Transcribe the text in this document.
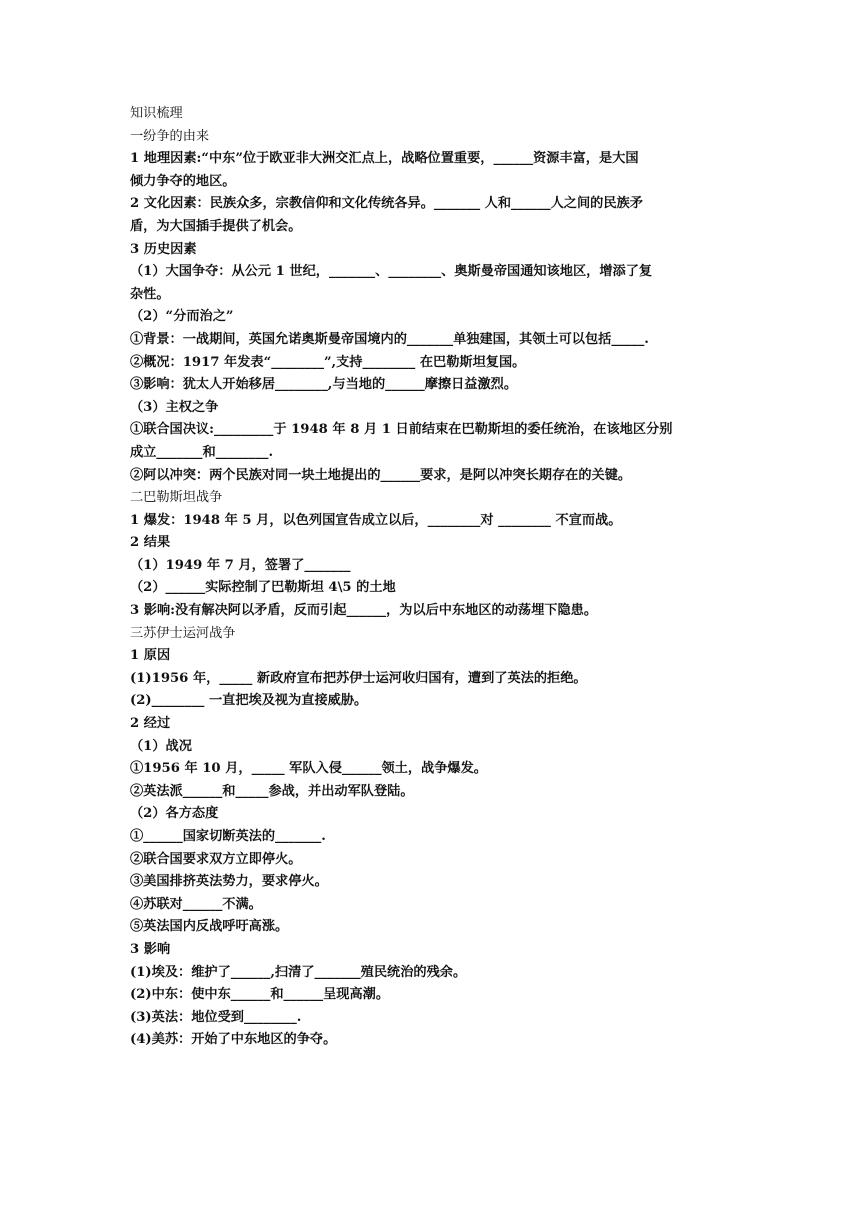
知识梳理
一纷争的由来
1 地理因素:“中东”位于欧亚非大洲交汇点上，战略位置重要，______资源丰富，是大国
倾力争夺的地区。
2 文化因素：民族众多，宗教信仰和文化传统各异。_______ 人和______人之间的民族矛
盾，为大国插手提供了机会。
3 历史因素
（1）大国争夺：从公元 1 世纪，_______、________、奥斯曼帝国通知该地区，增添了复
杂性。
（2）“分而治之”
①背景：一战期间，英国允诺奥斯曼帝国境内的_______单独建国，其领土可以包括_____.
②概况：1917 年发表“________”,支持________ 在巴勒斯坦复国。
③影响：犹太人开始移居________,与当地的______摩擦日益激烈。
（3）主权之争
①联合国决议:_________于 1948 年 8 月 1 日前结束在巴勒斯坦的委任统治，在该地区分别
成立_______和________.
②阿以冲突：两个民族对同一块土地提出的______要求，是阿以冲突长期存在的关键。
二巴勒斯坦战争
1 爆发：1948 年 5 月，以色列国宣告成立以后，________对 ________ 不宣而战。
2 结果
（1）1949 年 7 月，签署了_______
（2）______实际控制了巴勒斯坦 4\5 的土地
3 影响:没有解决阿以矛盾，反而引起______，为以后中东地区的动荡埋下隐患。
三苏伊士运河战争
1 原因
(1)1956 年，_____ 新政府宣布把苏伊士运河收归国有，遭到了英法的拒绝。
(2)________ 一直把埃及视为直接威胁。
2 经过
（1）战况
①1956 年 10 月，_____ 军队入侵______领土，战争爆发。
②英法派______和_____参战，并出动军队登陆。
（2）各方态度
①______国家切断英法的_______.
②联合国要求双方立即停火。
③美国排挤英法势力，要求停火。
④苏联对______不满。
⑤英法国内反战呼吁高涨。
3 影响
(1)埃及：维护了______,扫清了_______殖民统治的残余。
(2)中东：使中东______和______呈现高潮。
(3)英法：地位受到________.
(4)美苏：开始了中东地区的争夺。
